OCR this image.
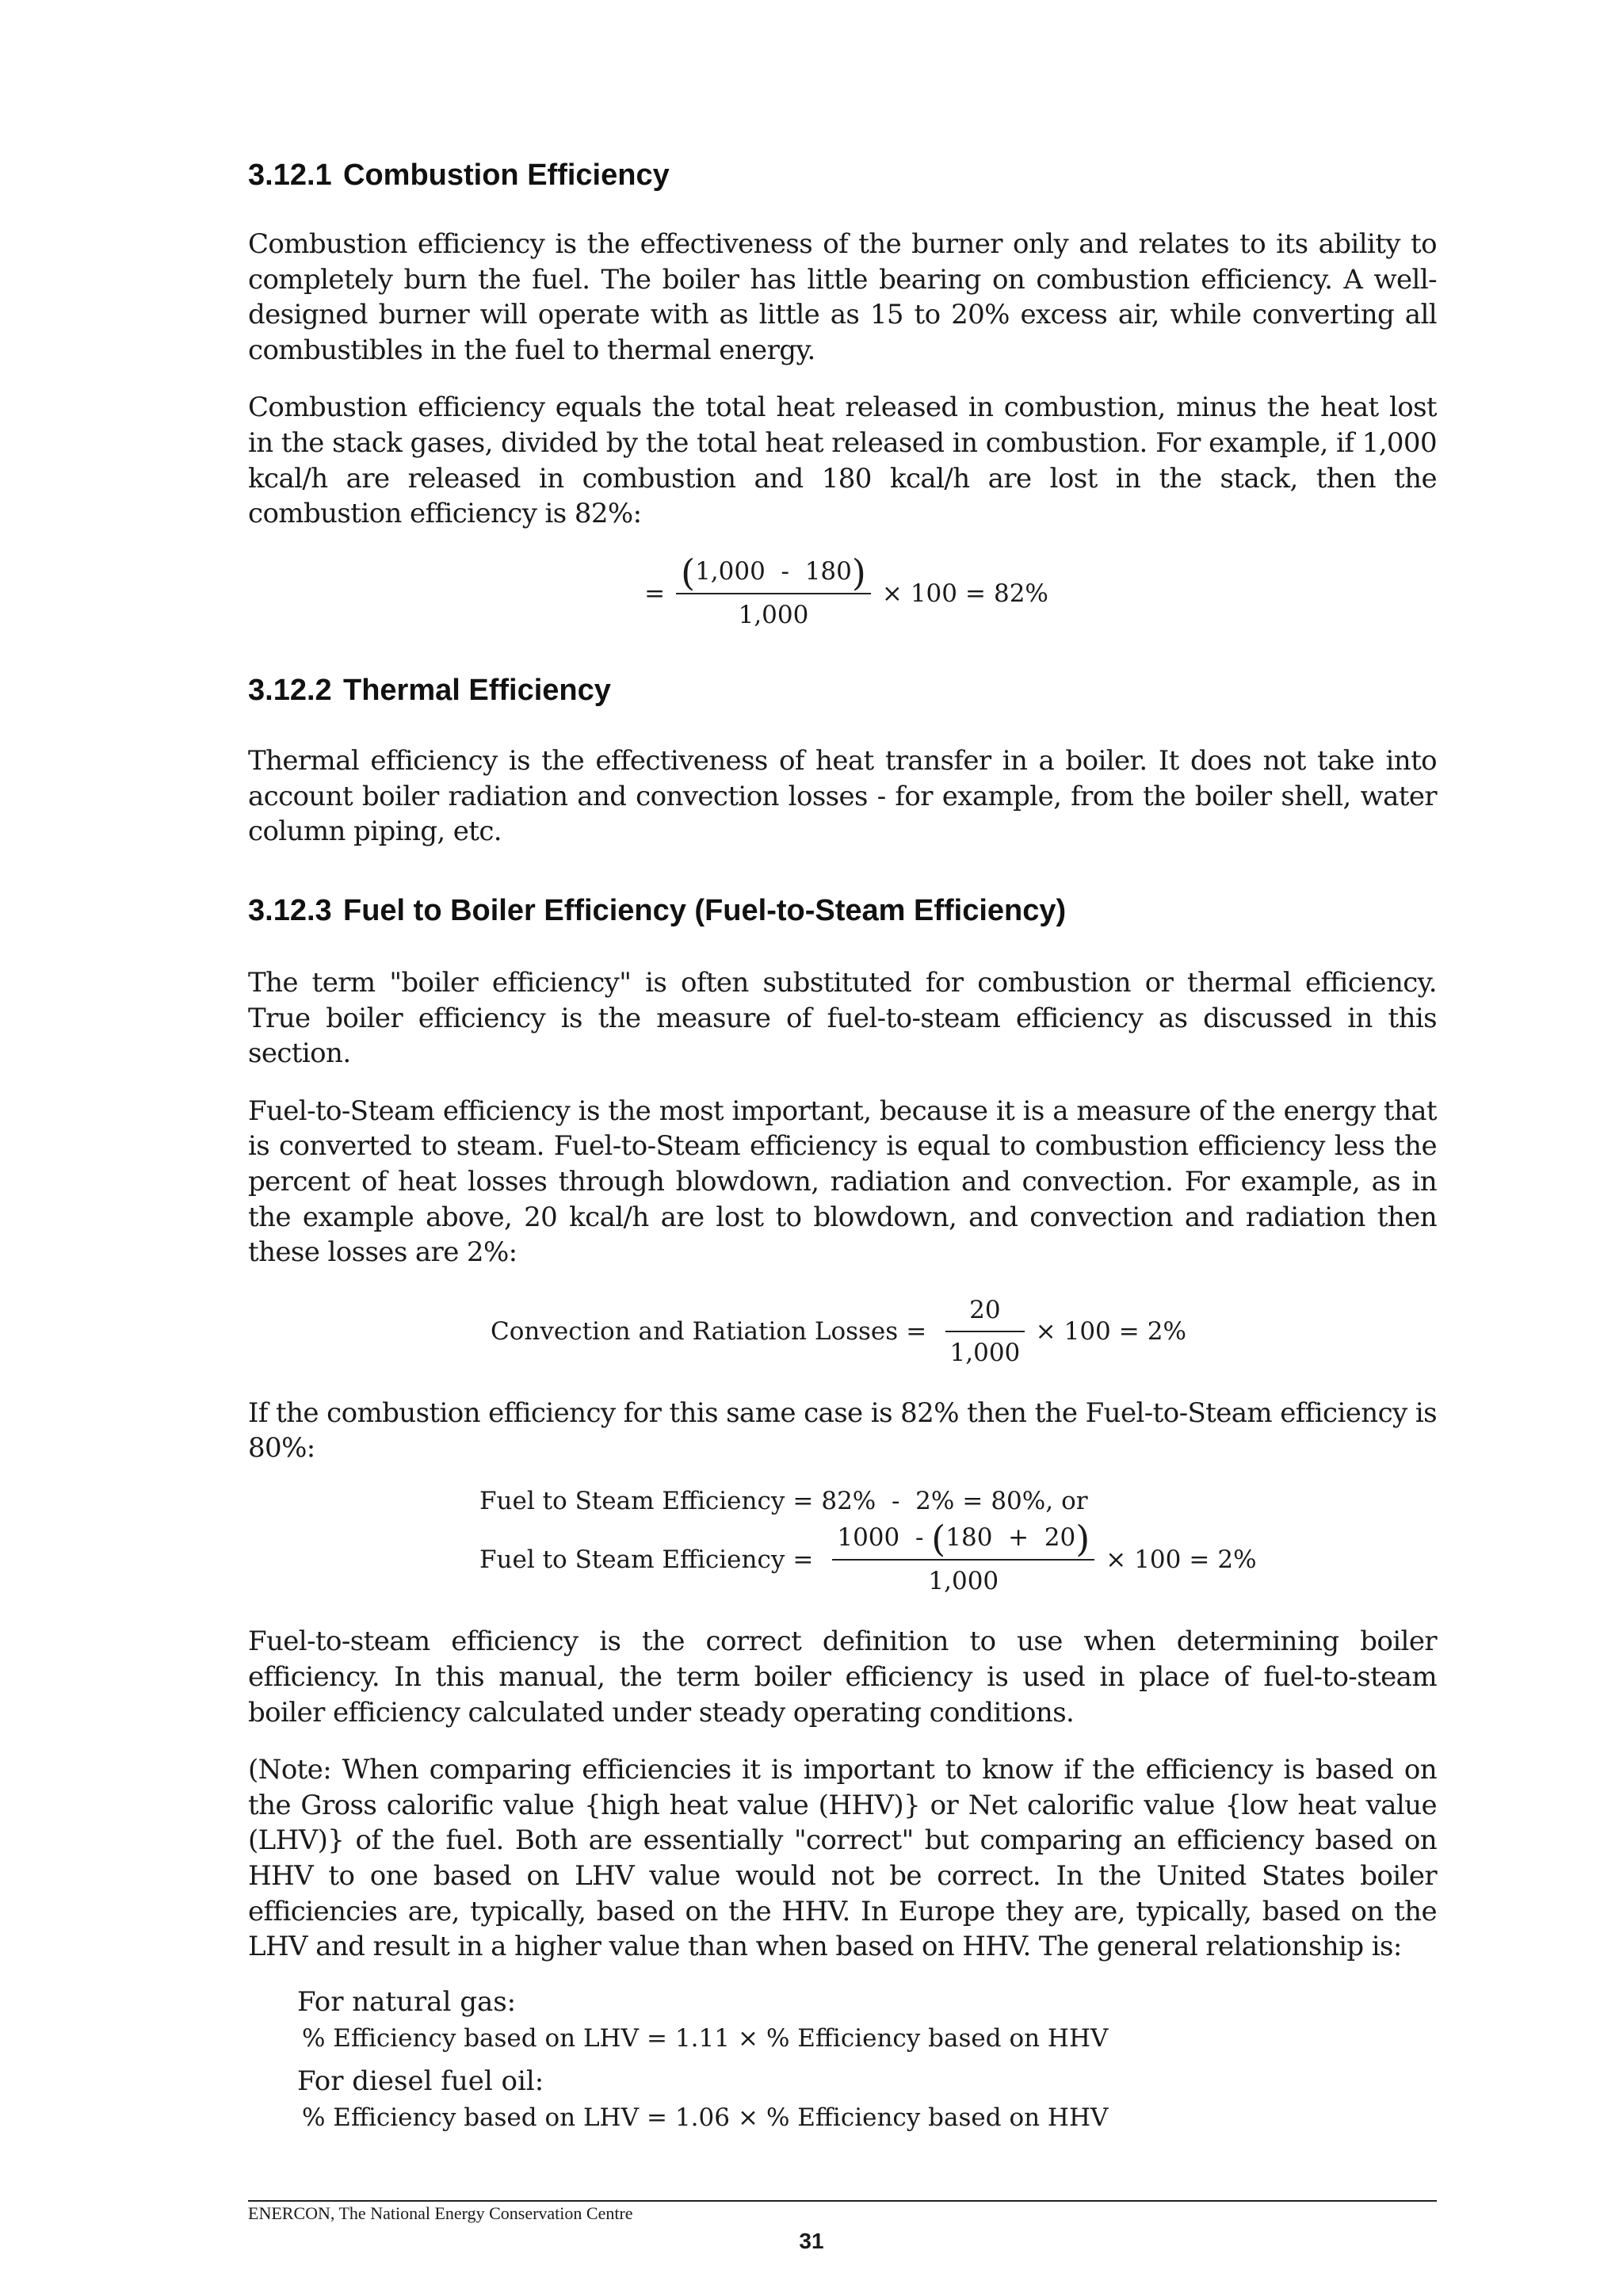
3.12.1 Combustion Efficiency

Combustion efficiency is the effectiveness of the burner only and relates to its ability to completely burn the fuel. The boiler has little bearing on combustion efficiency. A well-designed burner will operate with as little as 15 to 20% excess air, while converting all combustibles in the fuel to thermal energy.

Combustion efficiency equals the total heat released in combustion, minus the heat lost in the stack gases, divided by the total heat released in combustion. For example, if 1,000 kcal/h are released in combustion and 180 kcal/h are lost in the stack, then the combustion efficiency is 82%:

= $\frac{(1,000 - 180)}{1,000} \times 100 = 82\%$
3.12.2 Thermal Efficiency

Thermal efficiency is the effectiveness of heat transfer in a boiler. It does not take into account boiler radiation and convection losses - for example, from the boiler shell, water column piping, etc.

3.12.3 Fuel to Boiler Efficiency (Fuel-to-Steam Efficiency)

The term "boiler efficiency" is often substituted for combustion or thermal efficiency. True boiler efficiency is the measure of fuel-to-steam efficiency as discussed in this section.

Fuel-to-Steam efficiency is the most important, because it is a measure of the energy that is converted to steam. Fuel-to-Steam efficiency is equal to combustion efficiency less the percent of heat losses through blowdown, radiation and convection. For example, as in the example above, 20 kcal/h are lost to blowdown, and convection and radiation then these losses are 2%:

Convection and Ratiation Losses = $\frac{20}{1,000} \times 100 = 2\%$

If the combustion efficiency for this same case is 82% then the Fuel-to-Steam efficiency is 80%:

Fuel to Steam Efficiency = 82%  -  2% = 80%, or
Fuel to Steam Efficiency = $\frac{1000 - (180 + 20)}{1,000} \times 100 = 2\%$

Fuel-to-steam efficiency is the correct definition to use when determining boiler efficiency. In this manual, the term boiler efficiency is used in place of fuel-to-steam boiler efficiency calculated under steady operating conditions.

(Note: When comparing efficiencies it is important to know if the efficiency is based on the Gross calorific value {high heat value (HHV)} or Net calorific value {low heat value (LHV)} of the fuel. Both are essentially "correct" but comparing an efficiency based on HHV to one based on LHV value would not be correct. In the United States boiler efficiencies are, typically, based on the HHV. In Europe they are, typically, based on the LHV and result in a higher value than when based on HHV. The general relationship is:

For natural gas:
% Efficiency based on LHV = 1.11 × % Efficiency based on HHV
For diesel fuel oil:
% Efficiency based on LHV = 1.06 × % Efficiency based on HHV
ENERCON, The National Energy Conservation Centre
31
